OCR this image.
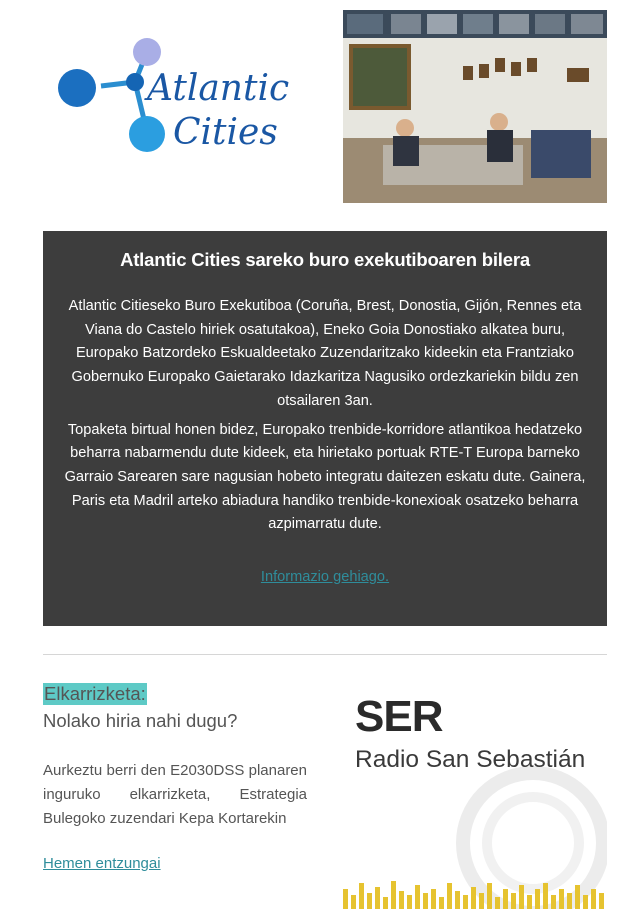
Atlantic
Cities
Atlantic Cities sareko buro exekutiboaren bilera

Atlantic Citieseko Buro Exekutiboa (Coruña, Brest, Donostia, Gijón, Rennes eta Viana do Castelo hiriek osatutakoa), Eneko Goia Donostiako alkatea buru, Europako Batzordeko Eskualdeetako Zuzendaritzako kideekin eta Frantziako Gobernuko Europako Gaietarako Idazkaritza Nagusiko ordezkariekin bildu zen otsailaren 3an.

Topaketa birtual honen bidez, Europako trenbide-korridore atlantikoa hedatzeko beharra nabarmendu dute kideek, eta hirietako portuak RTE-T Europa barneko Garraio Sarearen sare nagusian hobeto integratu daitezen eskatu dute. Gainera, Paris eta Madril arteko abiadura handiko trenbide-konexioak osatzeko beharra azpimarratu dute.

Informazio gehiago.
Elkarrizketa:
Nolako hiria nahi dugu?
Aurkeztu berri den E2030DSS planaren inguruko elkarrizketa, Estrategia Bulegoko zuzendari Kepa Kortarekin
Hemen entzungai
SER
Radio San Sebastián
